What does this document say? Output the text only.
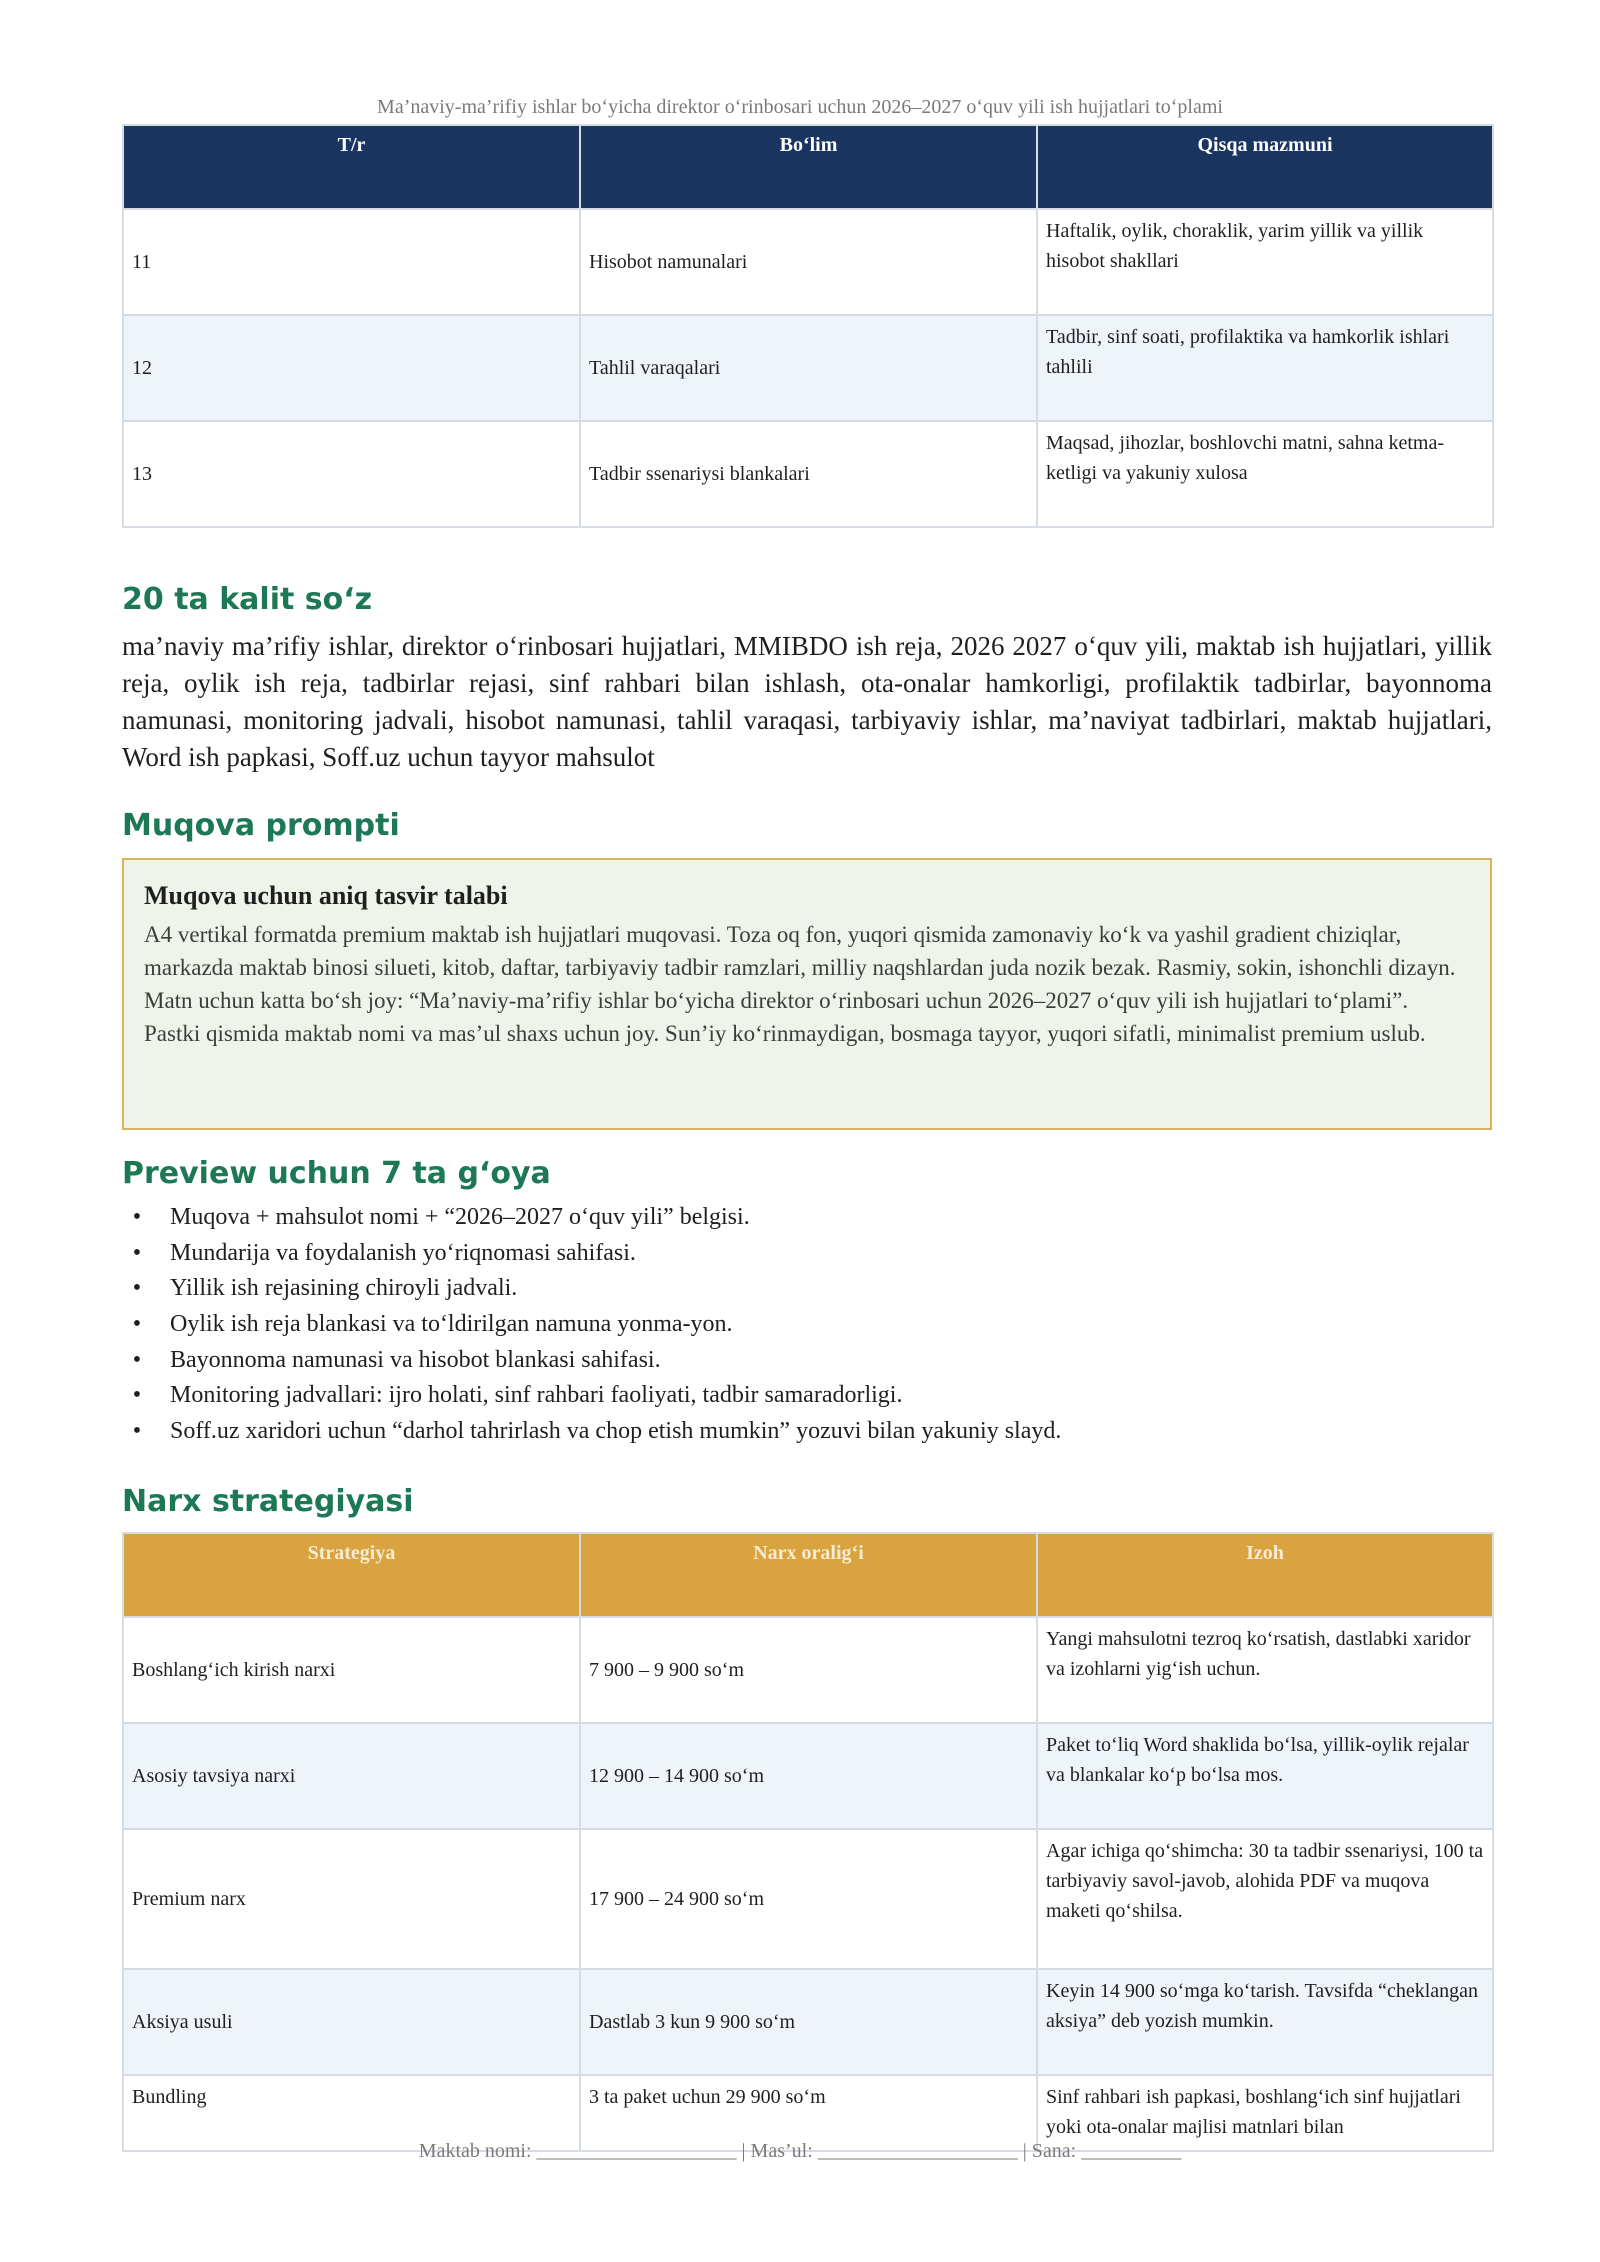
Ma’naviy-ma’rifiy ishlar bo‘yicha direktor o‘rinbosari uchun 2026–2027 o‘quv yili ish hujjatlari to‘plami
T/r	Bo‘lim	Qisqa mazmuni
11	Hisobot namunalari	Haftalik, oylik, choraklik, yarim yillik va yillik hisobot shakllari
12	Tahlil varaqalari	Tadbir, sinf soati, profilaktika va hamkorlik ishlari tahlili
13	Tadbir ssenariysi blankalari	Maqsad, jihozlar, boshlovchi matni, sahna ketma-ketligi va yakuniy xulosa
20 ta kalit so‘z

ma’naviy ma’rifiy ishlar, direktor o‘rinbosari hujjatlari, MMIBDO ish reja, 2026 2027 o‘quv yili, maktab ish hujjatlari, yillik reja, oylik ish reja, tadbirlar rejasi, sinf rahbari bilan ishlash, ota-onalar hamkorligi, profilaktik tadbirlar, bayonnoma namunasi, monitoring jadvali, hisobot namunasi, tahlil varaqasi, tarbiyaviy ishlar, ma’naviyat tadbirlari, maktab hujjatlari, Word ish papkasi, Soff.uz uchun tayyor mahsulot

Muqova prompti

Muqova uchun aniq tasvir talabi

A4 vertikal formatda premium maktab ish hujjatlari muqovasi. Toza oq fon, yuqori qismida zamonaviy ko‘k va yashil gradient chiziqlar, markazda maktab binosi silueti, kitob, daftar, tarbiyaviy tadbir ramzlari, milliy naqshlardan juda nozik bezak. Rasmiy, sokin, ishonchli dizayn. Matn uchun katta bo‘sh joy: “Ma’naviy-ma’rifiy ishlar bo‘yicha direktor o‘rinbosari uchun 2026–2027 o‘quv yili ish hujjatlari to‘plami”. Pastki qismida maktab nomi va mas’ul shaxs uchun joy. Sun’iy ko‘rinmaydigan, bosmaga tayyor, yuqori sifatli, minimalist premium uslub.

Preview uchun 7 ta g‘oya
•	Muqova + mahsulot nomi + “2026–2027 o‘quv yili” belgisi.
•	Mundarija va foydalanish yo‘riqnomasi sahifasi.
•	Yillik ish rejasining chiroyli jadvali.
•	Oylik ish reja blankasi va to‘ldirilgan namuna yonma-yon.
•	Bayonnoma namunasi va hisobot blankasi sahifasi.
•	Monitoring jadvallari: ijro holati, sinf rahbari faoliyati, tadbir samaradorligi.
•	Soff.uz xaridori uchun “darhol tahrirlash va chop etish mumkin” yozuvi bilan yakuniy slayd.
Narx strategiyasi
Strategiya	Narx oralig‘i	Izoh
Boshlang‘ich kirish narxi	7 900 – 9 900 so‘m	Yangi mahsulotni tezroq ko‘rsatish, dastlabki xaridor va izohlarni yig‘ish uchun.
Asosiy tavsiya narxi	12 900 – 14 900 so‘m	Paket to‘liq Word shaklida bo‘lsa, yillik-oylik rejalar va blankalar ko‘p bo‘lsa mos.
Premium narx	17 900 – 24 900 so‘m	Agar ichiga qo‘shimcha: 30 ta tadbir ssenariysi, 100 ta tarbiyaviy savol-javob, alohida PDF va muqova maketi qo‘shilsa.
Aksiya usuli	Dastlab 3 kun 9 900 so‘m	Keyin 14 900 so‘mga ko‘tarish. Tavsifda “cheklangan aksiya” deb yozish mumkin.
Bundling	3 ta paket uchun 29 900 so‘m	Sinf rahbari ish papkasi, boshlang‘ich sinf hujjatlari yoki ota-onalar majlisi matnlari bilan
Maktab nomi: ____________________ | Mas’ul: ____________________ | Sana: __________
